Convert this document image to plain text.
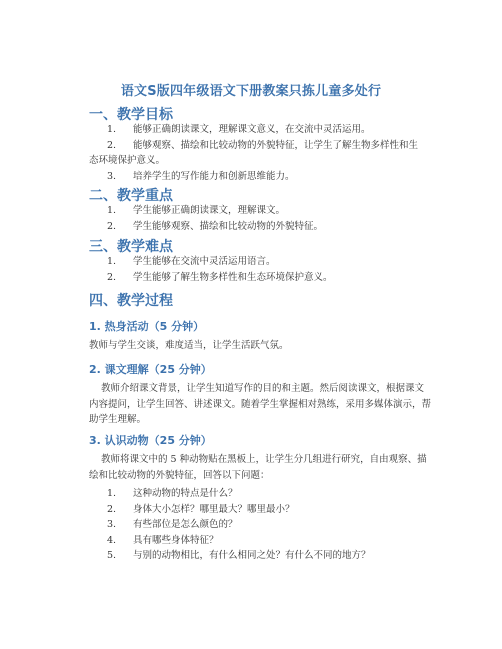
语文S版四年级语文下册教案只拣儿童多处行
一、教学目标
1.	能够正确朗读课文，理解课文意义，在交流中灵活运用。
2.	能够观察、描绘和比较动物的外貌特征，让学生了解生物多样性和生
态环境保护意义。
3.	培养学生的写作能力和创新思维能力。
二、教学重点
1.	学生能够正确朗读课文，理解课文。
2.	学生能够观察、描绘和比较动物的外貌特征。
三、教学难点
1.	学生能够在交流中灵活运用语言。
2.	学生能够了解生物多样性和生态环境保护意义。
四、教学过程
1. 热身活动（5 分钟）

教师与学生交谈，难度适当，让学生活跃气氛。

2. 课文理解（25 分钟）
教师介绍课文背景，让学生知道写作的目的和主题。然后阅读课文，根据课文
内容提问，让学生回答、讲述课文。随着学生掌握相对熟练，采用多媒体演示，帮
助学生理解。
3. 认识动物（25 分钟）
教师将课文中的 5 种动物贴在黑板上，让学生分几组进行研究，自由观察、描
绘和比较动物的外貌特征，回答以下问题：
1.	这种动物的特点是什么？
2.	身体大小怎样？哪里最大？哪里最小？
3.	有些部位是怎么颜色的？
4.	具有哪些身体特征？
5.	与别的动物相比，有什么相同之处？有什么不同的地方？
